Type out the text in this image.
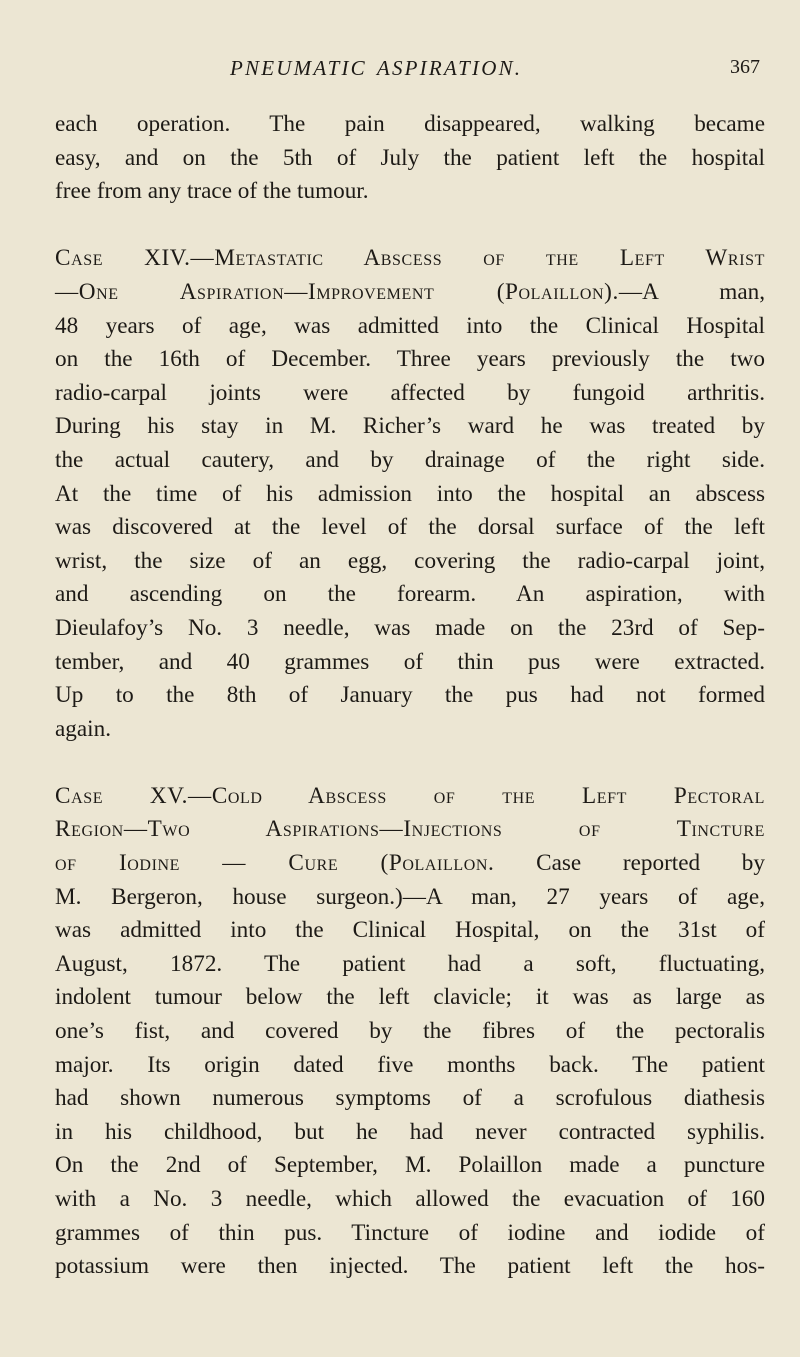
PNEUMATIC ASPIRATION.	367
each operation. The pain disappeared, walking became
easy, and on the 5th of July the patient left the hospital
free from any trace of the tumour.
Case XIV.—Metastatic Abscess of the Left Wrist
—One Aspiration—Improvement (Polaillon).—A man,
48 years of age, was admitted into the Clinical Hospital
on the 16th of December. Three years previously the two
radio-carpal joints were affected by fungoid arthritis.
During his stay in M. Richer’s ward he was treated by
the actual cautery, and by drainage of the right side.
At the time of his admission into the hospital an abscess
was discovered at the level of the dorsal surface of the left
wrist, the size of an egg, covering the radio-carpal joint,
and ascending on the forearm. An aspiration, with
Dieulafoy’s No. 3 needle, was made on the 23rd of Sep-
tember, and 40 grammes of thin pus were extracted.
Up to the 8th of January the pus had not formed
again.
Case XV.—Cold Abscess of the Left Pectoral
Region—Two Aspirations—Injections of Tincture
of Iodine — Cure (Polaillon. Case reported by
M. Bergeron, house surgeon.)—A man, 27 years of age,
was admitted into the Clinical Hospital, on the 31st of
August, 1872. The patient had a soft, fluctuating,
indolent tumour below the left clavicle; it was as large as
one’s fist, and covered by the fibres of the pectoralis
major. Its origin dated five months back. The patient
had shown numerous symptoms of a scrofulous diathesis
in his childhood, but he had never contracted syphilis.
On the 2nd of September, M. Polaillon made a puncture
with a No. 3 needle, which allowed the evacuation of 160
grammes of thin pus. Tincture of iodine and iodide of
potassium were then injected. The patient left the hos-
